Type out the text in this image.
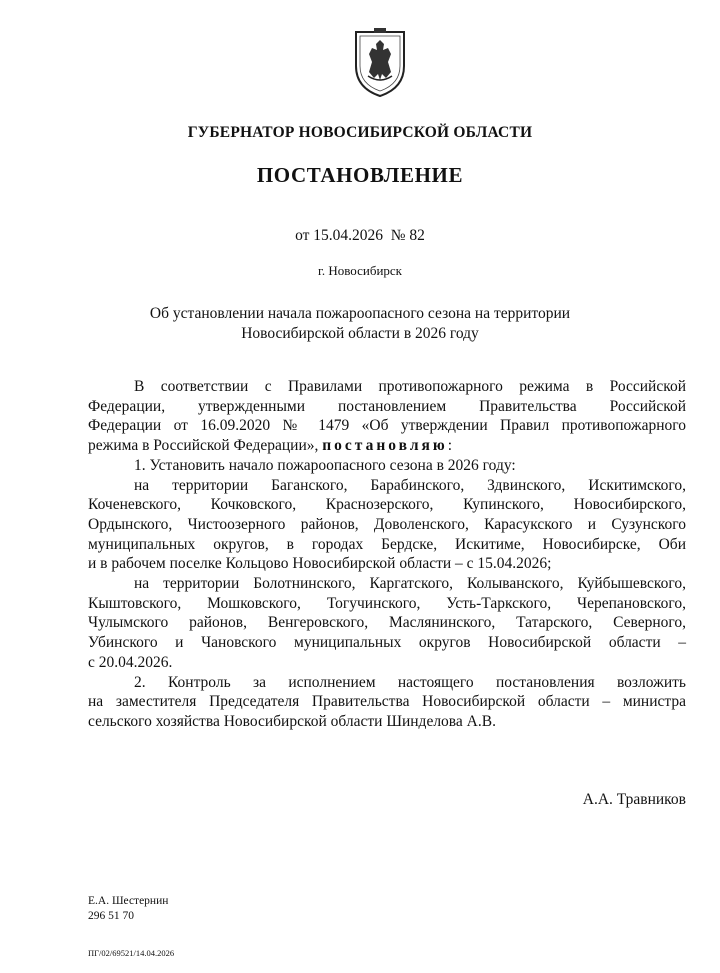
ГУБЕРНАТОР НОВОСИБИРСКОЙ ОБЛАСТИ
ПОСТАНОВЛЕНИЕ
от 15.04.2026  № 82
г. Новосибирск
Об установлении начала пожароопасного сезона на территории
Новосибирской области в 2026 году
В соответствии с Правилами противопожарного режима в Российской
Федерации, утвержденными постановлением Правительства Российской
Федерации от 16.09.2020 № 1479 «Об утверждении Правил противопожарного
режима в Российской Федерации», постановляю:
1. Установить начало пожароопасного сезона в 2026 году:
на территории Баганского, Барабинского, Здвинского, Искитимского,
Коченевского, Кочковского, Краснозерского, Купинского, Новосибирского,
Ордынского, Чистоозерного районов, Доволенского, Карасукского и Сузунского
муниципальных округов, в городах Бердске, Искитиме, Новосибирске, Оби
и в рабочем поселке Кольцово Новосибирской области – с 15.04.2026;
на территории Болотнинского, Каргатского, Колыванского, Куйбышевского,
Кыштовского, Мошковского, Тогучинского, Усть-Таркского, Черепановского,
Чулымского районов, Венгеровского, Маслянинского, Татарского, Северного,
Убинского и Чановского муниципальных округов Новосибирской области –
с 20.04.2026.
2. Контроль за исполнением настоящего постановления возложить
на заместителя Председателя Правительства Новосибирской области – министра
сельского хозяйства Новосибирской области Шинделова А.В.
А.А. Травников
Е.А. Шестернин
296 51 70
ПГ/02/69521/14.04.2026
